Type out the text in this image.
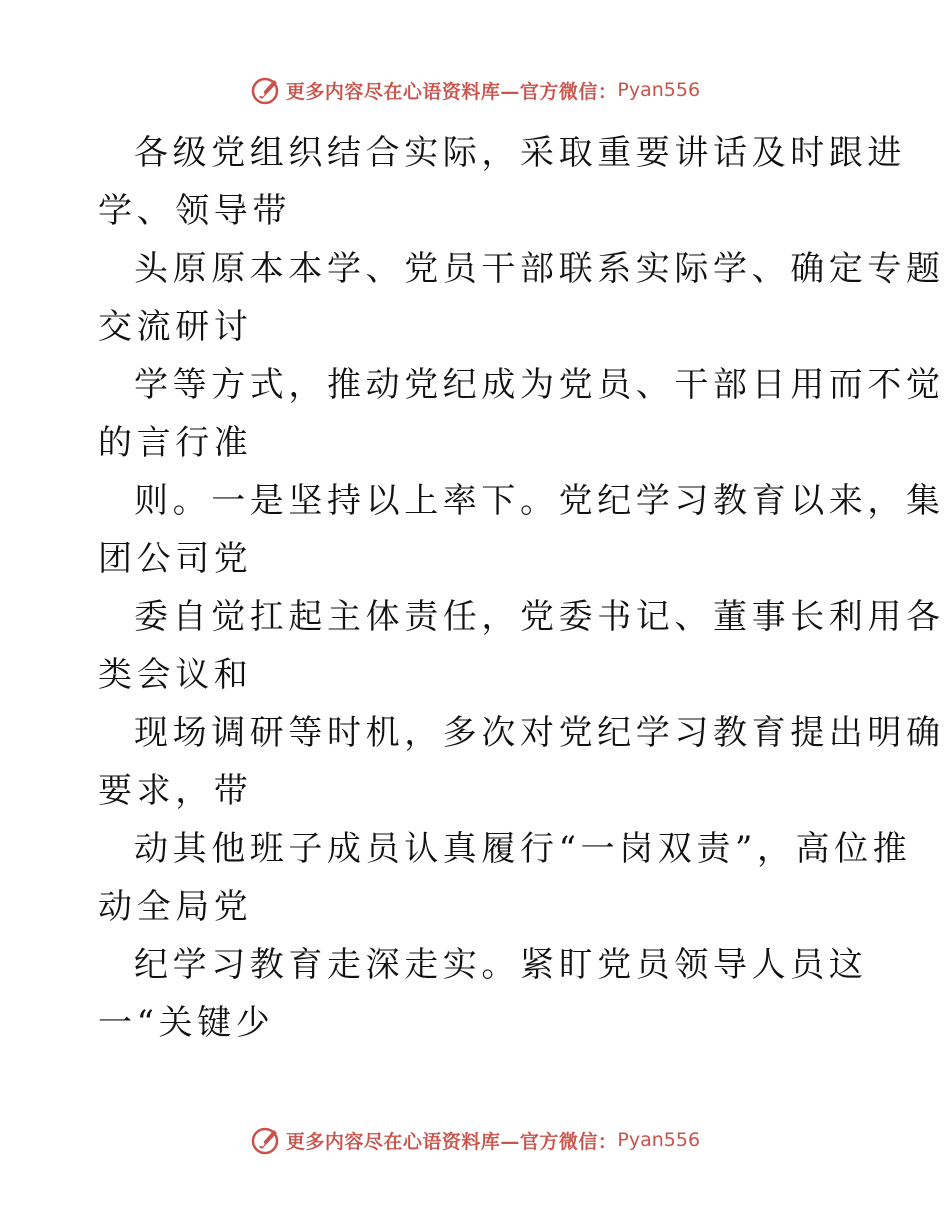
更多内容尽在心语资料库—官方微信： Pyan556
各级党组织结合实际，采取重要讲话及时跟进
学、领导带
头原原本本学、党员干部联系实际学、确定专题
交流研讨
学等方式，推动党纪成为党员、干部日用而不觉
的言行准
则。一是坚持以上率下。党纪学习教育以来，集
团公司党
委自觉扛起主体责任，党委书记、董事长利用各
类会议和
现场调研等时机，多次对党纪学习教育提出明确
要求，带
动其他班子成员认真履行“一岗双责”，高位推
动全局党
纪学习教育走深走实。紧盯党员领导人员这
一“关键少
更多内容尽在心语资料库—官方微信： Pyan556
